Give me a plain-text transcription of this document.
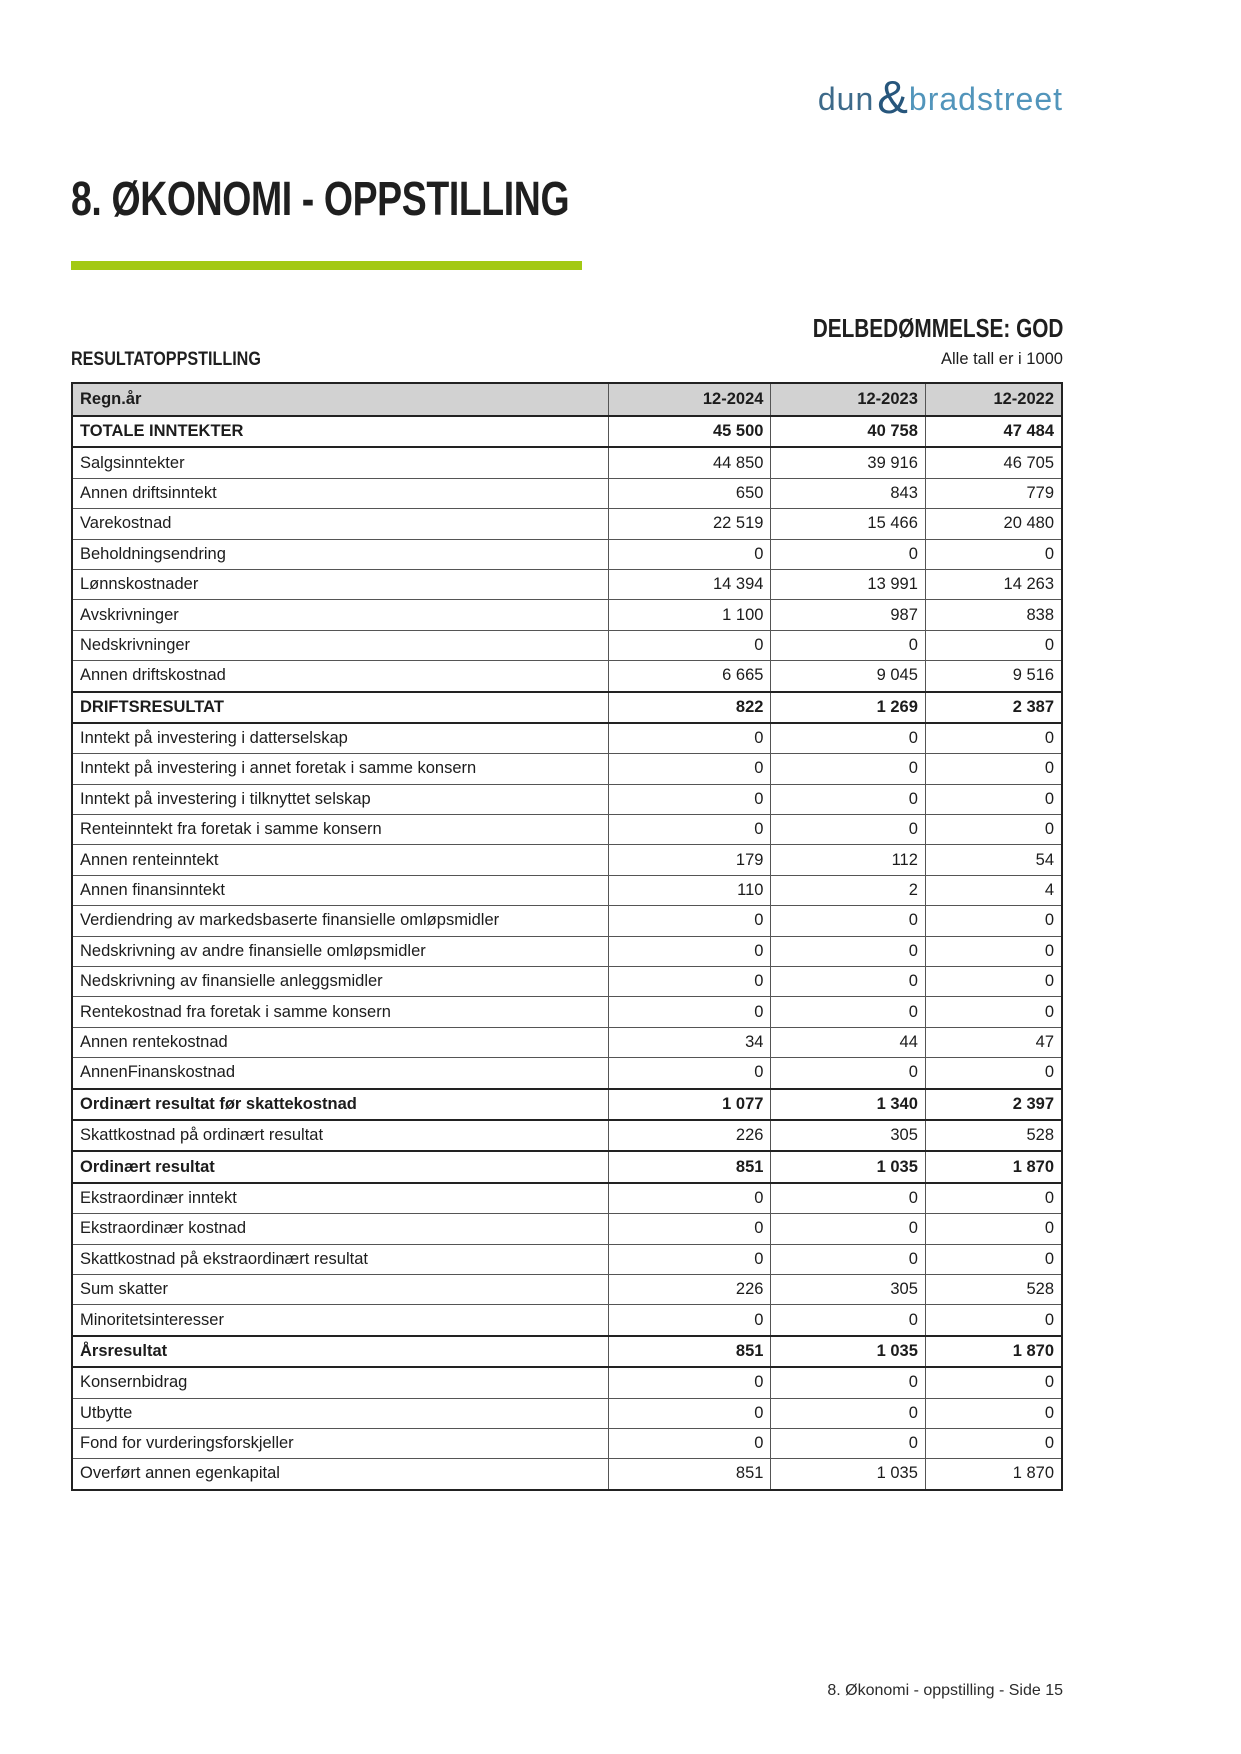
dun & bradstreet
8. ØKONOMI - OPPSTILLING
DELBEDØMMELSE: GOD
RESULTATOPPSTILLING	Alle tall er i 1000
Regn.år	12-2024	12-2023	12-2022
TOTALE INNTEKTER	45 500	40 758	47 484
Salgsinntekter	44 850	39 916	46 705
Annen driftsinntekt	650	843	779
Varekostnad	22 519	15 466	20 480
Beholdningsendring	0	0	0
Lønnskostnader	14 394	13 991	14 263
Avskrivninger	1 100	987	838
Nedskrivninger	0	0	0
Annen driftskostnad	6 665	9 045	9 516
DRIFTSRESULTAT	822	1 269	2 387
Inntekt på investering i datterselskap	0	0	0
Inntekt på investering i annet foretak i samme konsern	0	0	0
Inntekt på investering i tilknyttet selskap	0	0	0
Renteinntekt fra foretak i samme konsern	0	0	0
Annen renteinntekt	179	112	54
Annen finansinntekt	110	2	4
Verdiendring av markedsbaserte finansielle omløpsmidler	0	0	0
Nedskrivning av andre finansielle omløpsmidler	0	0	0
Nedskrivning av finansielle anleggsmidler	0	0	0
Rentekostnad fra foretak i samme konsern	0	0	0
Annen rentekostnad	34	44	47
AnnenFinanskostnad	0	0	0
Ordinært resultat før skattekostnad	1 077	1 340	2 397
Skattkostnad på ordinært resultat	226	305	528
Ordinært resultat	851	1 035	1 870
Ekstraordinær inntekt	0	0	0
Ekstraordinær kostnad	0	0	0
Skattkostnad på ekstraordinært resultat	0	0	0
Sum skatter	226	305	528
Minoritetsinteresser	0	0	0
Årsresultat	851	1 035	1 870
Konsernbidrag	0	0	0
Utbytte	0	0	0
Fond for vurderingsforskjeller	0	0	0
Overført annen egenkapital	851	1 035	1 870
8. Økonomi - oppstilling - Side 15
